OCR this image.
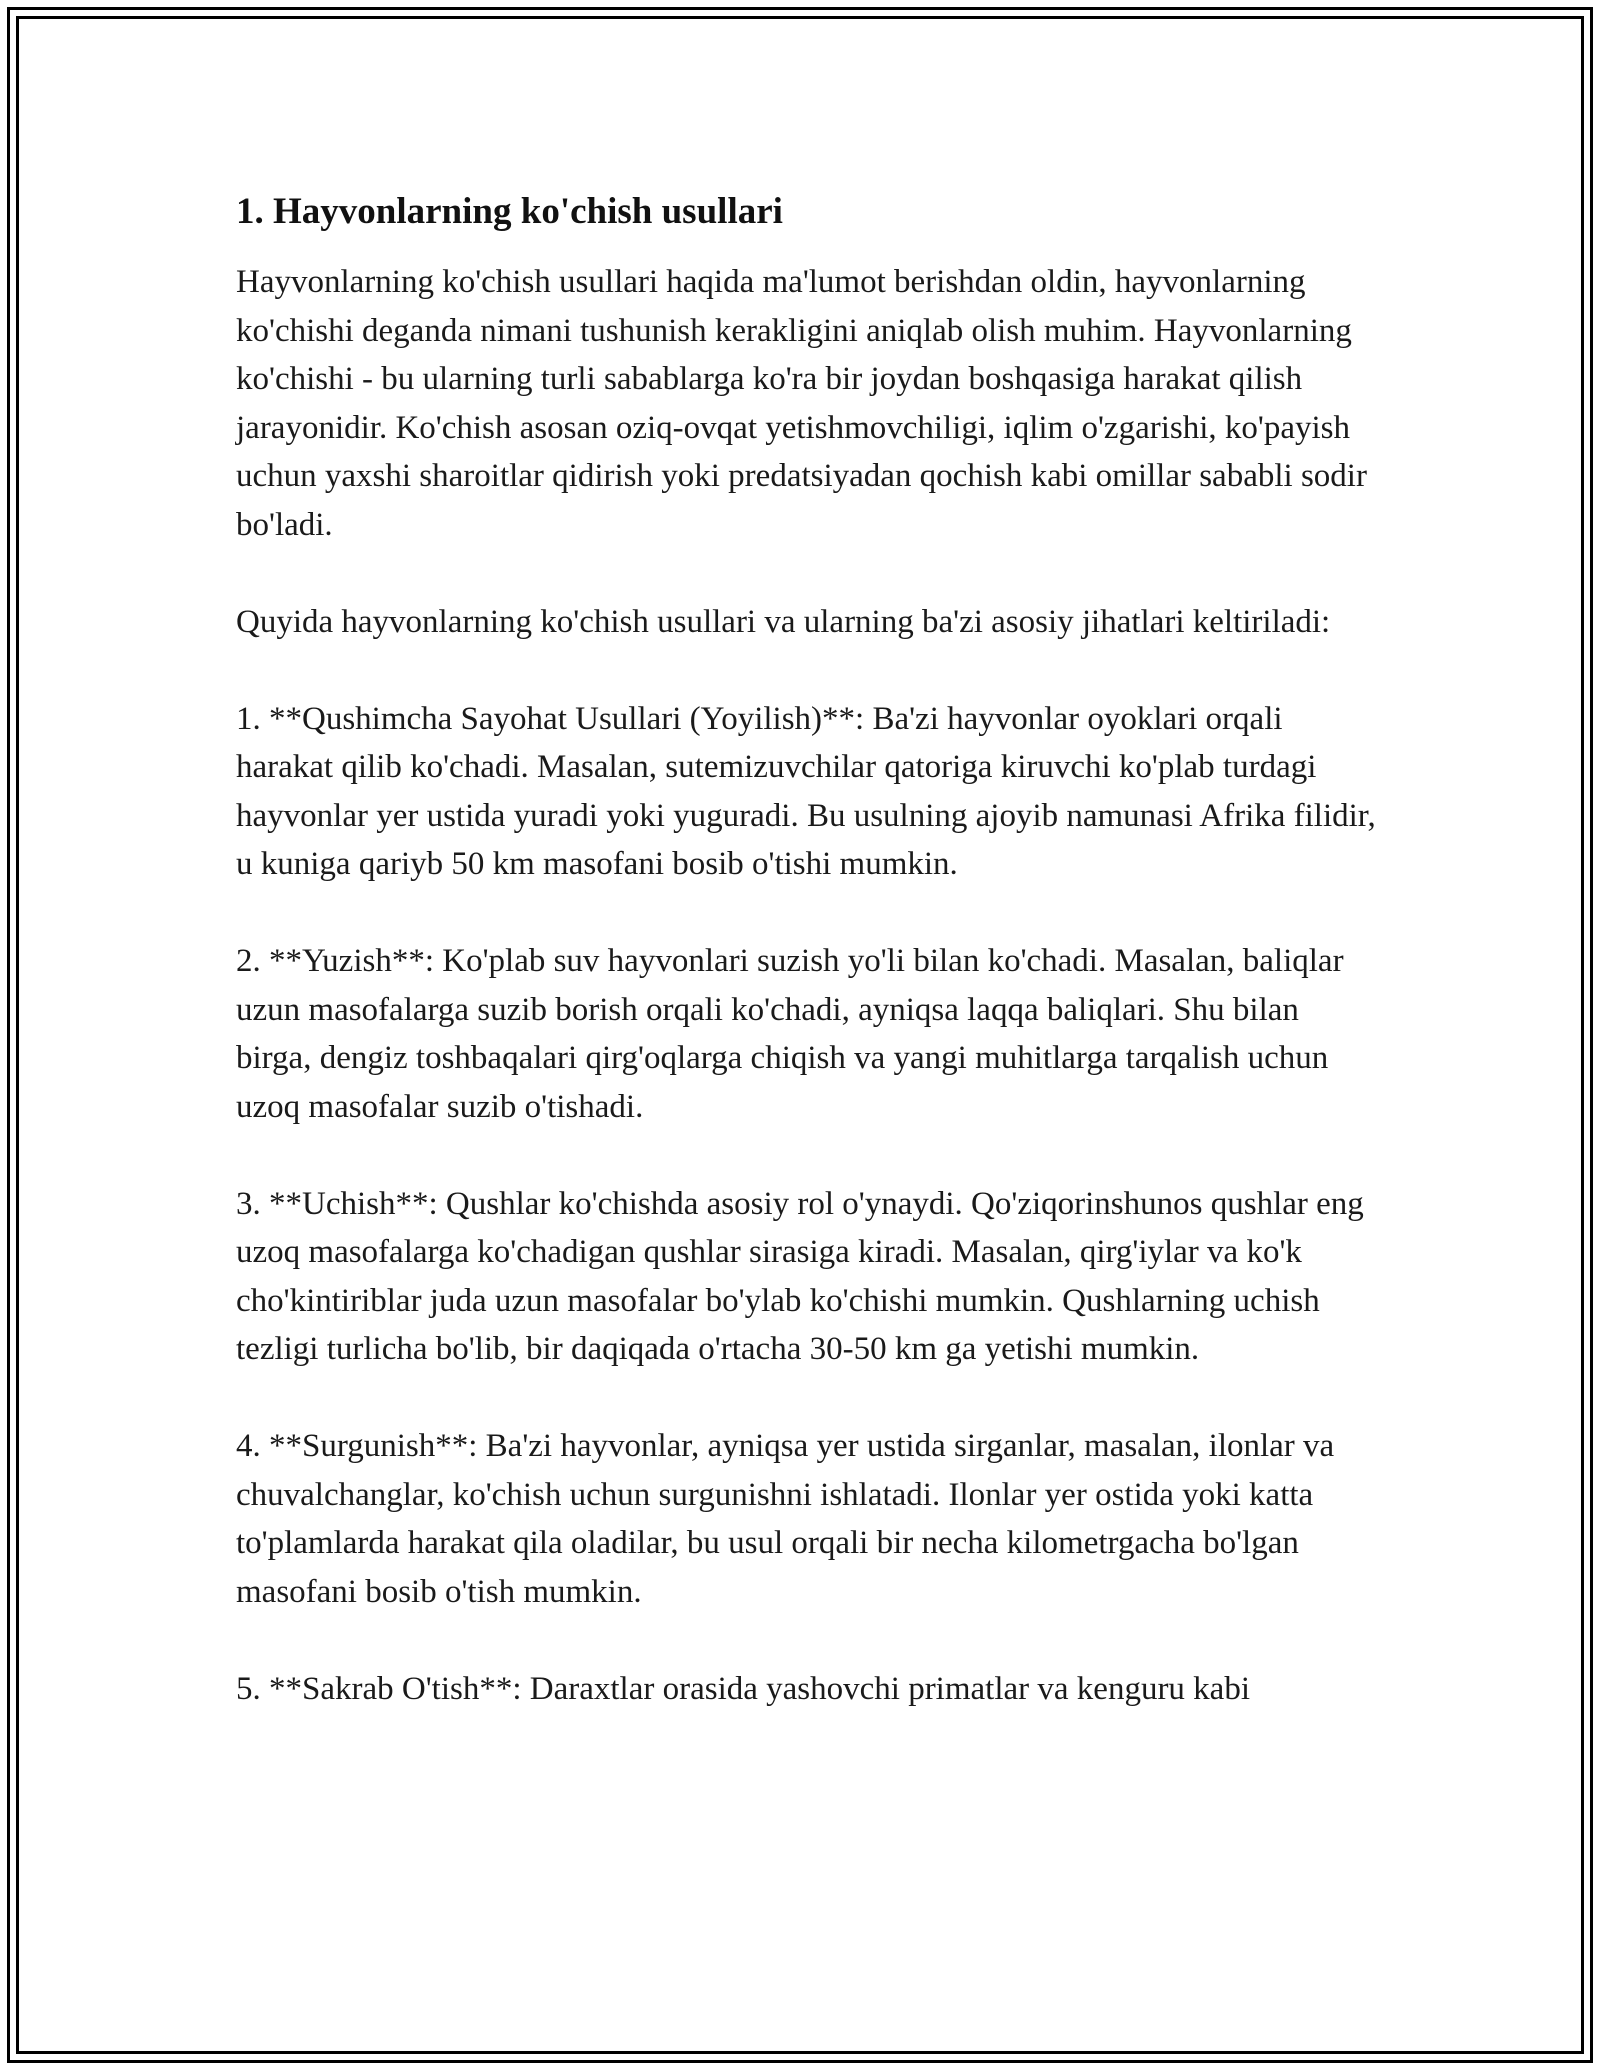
1. Hayvonlarning ko'chish usullari

Hayvonlarning ko'chish usullari haqida ma'lumot berishdan oldin, hayvonlarning ko'chishi deganda nimani tushunish kerakligini aniqlab olish muhim. Hayvonlarning ko'chishi - bu ularning turli sabablarga ko'ra bir joydan boshqasiga harakat qilish jarayonidir. Ko'chish asosan oziq-ovqat yetishmovchiligi, iqlim o'zgarishi, ko'payish uchun yaxshi sharoitlar qidirish yoki predatsiyadan qochish kabi omillar sababli sodir bo'ladi.

Quyida hayvonlarning ko'chish usullari va ularning ba'zi asosiy jihatlari keltiriladi:

1. **Qushimcha Sayohat Usullari (Yoyilish)**: Ba'zi hayvonlar oyoklari orqali harakat qilib ko'chadi. Masalan, sutemizuvchilar qatoriga kiruvchi ko'plab turdagi hayvonlar yer ustida yuradi yoki yuguradi. Bu usulning ajoyib namunasi Afrika filidir, u kuniga qariyb 50 km masofani bosib o'tishi mumkin.

2. **Yuzish**: Ko'plab suv hayvonlari suzish yo'li bilan ko'chadi. Masalan, baliqlar uzun masofalarga suzib borish orqali ko'chadi, ayniqsa laqqa baliqlari. Shu bilan birga, dengiz toshbaqalari qirg'oqlarga chiqish va yangi muhitlarga tarqalish uchun uzoq masofalar suzib o'tishadi.

3. **Uchish**: Qushlar ko'chishda asosiy rol o'ynaydi. Qo'ziqorinshunos qushlar eng uzoq masofalarga ko'chadigan qushlar sirasiga kiradi. Masalan, qirg'iylar va ko'k cho'kintiriblar juda uzun masofalar bo'ylab ko'chishi mumkin. Qushlarning uchish tezligi turlicha bo'lib, bir daqiqada o'rtacha 30-50 km ga yetishi mumkin.

4. **Surgunish**: Ba'zi hayvonlar, ayniqsa yer ustida sirganlar, masalan, ilonlar va chuvalchanglar, ko'chish uchun surgunishni ishlatadi. Ilonlar yer ostida yoki katta to'plamlarda harakat qila oladilar, bu usul orqali bir necha kilometrgacha bo'lgan masofani bosib o'tish mumkin.

5. **Sakrab O'tish**: Daraxtlar orasida yashovchi primatlar va kenguru kabi
